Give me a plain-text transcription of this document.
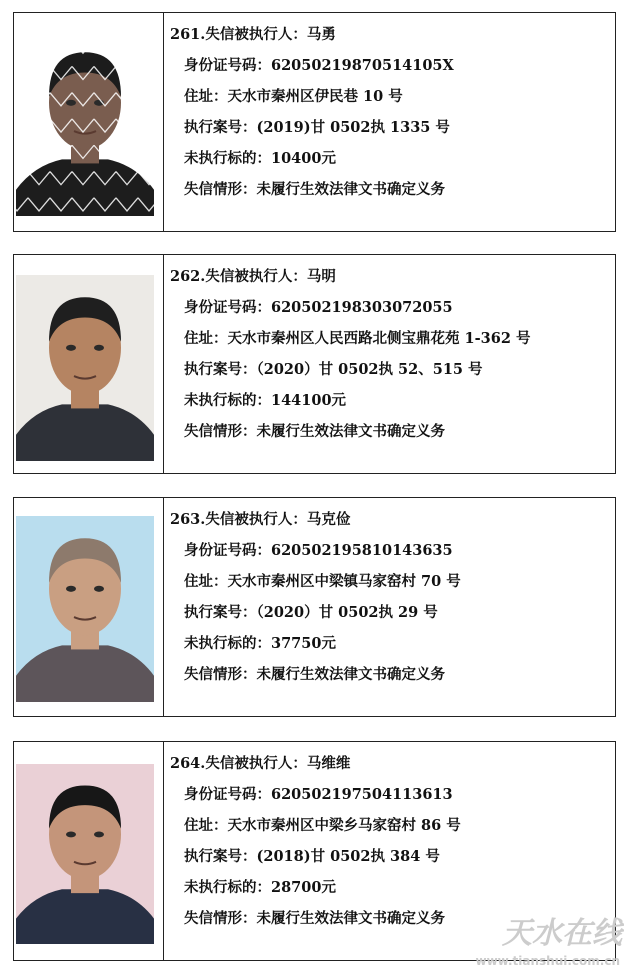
261.失信被执行人：马勇
身份证号码：62050219870514105X
住址：天水市秦州区伊民巷 10 号
执行案号：(2019)甘 0502执 1335 号
未执行标的：10400元
失信情形：未履行生效法律文书确定义务
262.失信被执行人：马明
身份证号码：620502198303072055
住址：天水市秦州区人民西路北侧宝鼎花苑 1-362 号
执行案号：（2020）甘 0502执 52、515 号
未执行标的：144100元
失信情形：未履行生效法律文书确定义务
263.失信被执行人：马克俭
身份证号码：620502195810143635
住址：天水市秦州区中梁镇马家窑村 70 号
执行案号：（2020）甘 0502执 29 号
未执行标的：37750元
失信情形：未履行生效法律文书确定义务
264.失信被执行人：马维维
身份证号码：620502197504113613
住址：天水市秦州区中梁乡马家窑村 86 号
执行案号：(2018)甘 0502执 384 号
未执行标的：28700元
失信情形：未履行生效法律文书确定义务	天水在线
www.tianshui.com.cn
